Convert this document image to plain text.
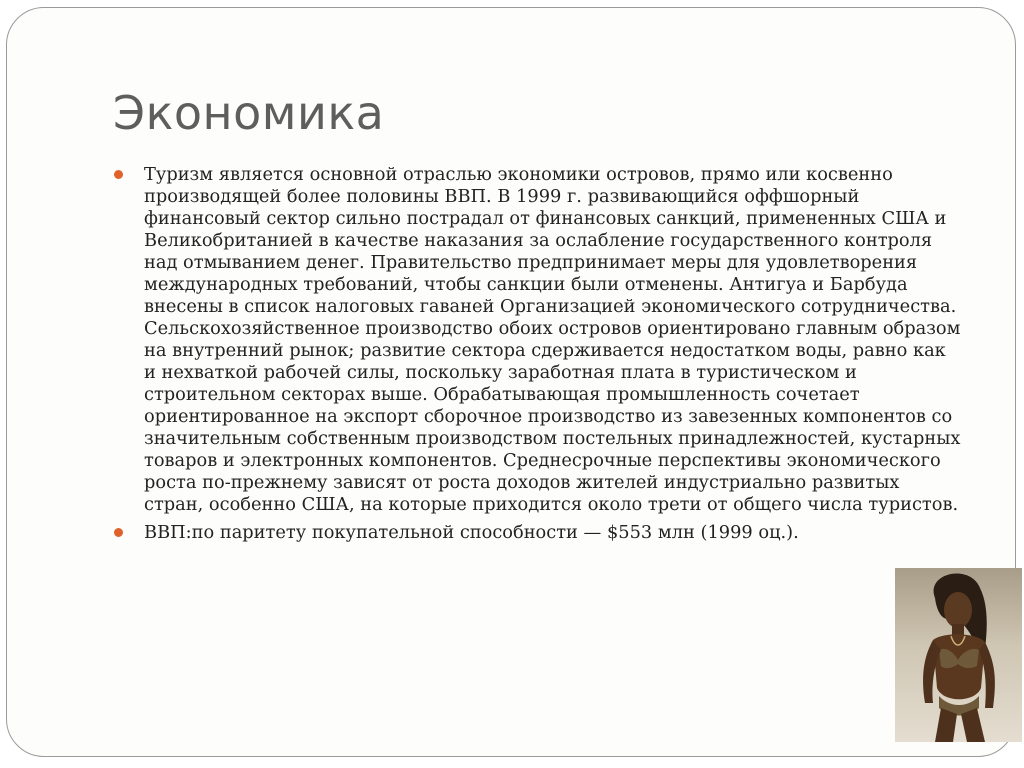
Экономика
Туризм является основной отраслью экономики островов, прямо или косвенно производящей более половины ВВП. В 1999 г. развивающийся оффшорный финансовый сектор сильно пострадал от финансовых санкций, примененных США и Великобританией в качестве наказания за ослабление государственного контроля над отмыванием денег. Правительство предпринимает меры для удовлетворения международных требований, чтобы санкции были отменены. Антигуа и Барбуда внесены в список налоговых гаваней Организацией экономического сотрудничества. Сельскохозяйственное производство обоих островов ориентировано главным образом на внутренний рынок; развитие сектора сдерживается недостатком воды, равно как и нехваткой рабочей силы, поскольку заработная плата в туристическом и строительном секторах выше. Обрабатывающая промышленность сочетает ориентированное на экспорт сборочное производство из завезенных компонентов со значительным собственным производством постельных принадлежностей, кустарных товаров и электронных компонентов. Среднесрочные перспективы экономического роста по-прежнему зависят от роста доходов жителей индустриально развитых стран, особенно США, на которые приходится около трети от общего числа туристов.
ВВП:по паритету покупательной способности — $553 млн (1999 оц.).
